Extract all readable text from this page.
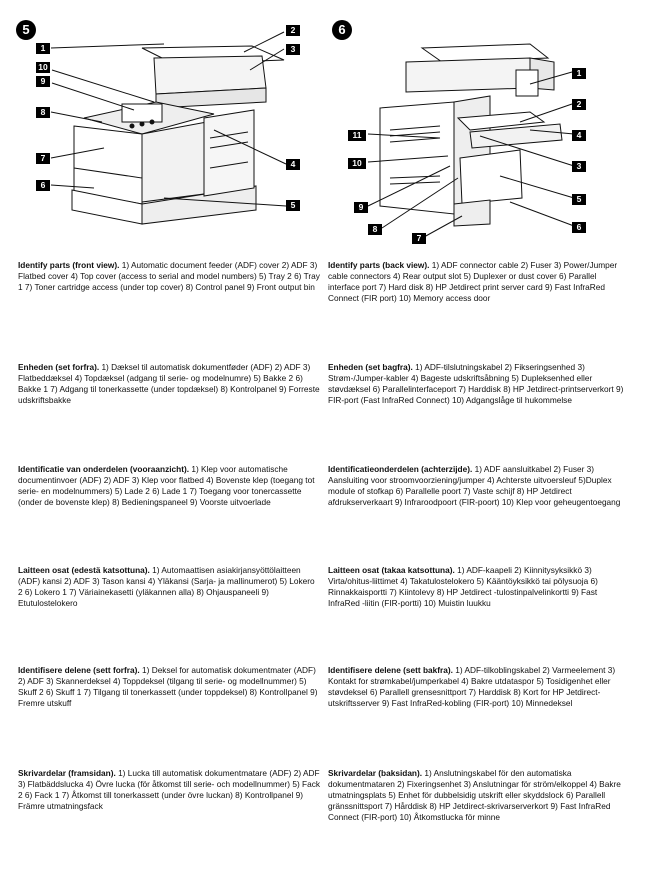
5
1
2
3
10
9
8
7
6
4
5
6
1
2
4
3
11
10
5
9
6
8
7

Identify parts (front view). 1) Automatic document feeder (ADF) cover 2) ADF 3) Flatbed cover 4) Top cover (access to serial and model numbers) 5) Tray 2 6) Tray 1 7) Toner cartridge access (under top cover) 8) Control panel 9) Front output bin

Identify parts (back view). 1) ADF connector cable 2) Fuser 3) Power/Jumper cable connectors 4) Rear output slot 5) Duplexer or dust cover 6) Parallel interface port 7) Hard disk 8) HP Jetdirect print server card 9) Fast InfraRed Connect (FIR port) 10) Memory access door

Enheden (set forfra). 1) Dæksel til automatisk dokumentføder (ADF) 2) ADF 3) Flatbeddæksel 4) Topdæksel (adgang til serie- og modelnumre) 5) Bakke 2 6) Bakke 1 7) Adgang til tonerkassette (under topdæksel) 8) Kontrolpanel 9) Forreste udskriftsbakke

Enheden (set bagfra). 1) ADF-tilslutningskabel 2) Fikseringsenhed 3) Strøm-/Jumper-kabler 4) Bageste udskriftsåbning 5) Dupleksenhed eller støvdæksel 6) Parallelinterfaceport 7) Harddisk 8) HP Jetdirect-printserverkort 9) FIR-port (Fast InfraRed Connect) 10) Adgangslåge til hukommelse

Identificatie van onderdelen (vooraanzicht). 1) Klep voor automatische documentinvoer (ADF) 2) ADF 3) Klep voor flatbed 4) Bovenste klep (toegang tot serie- en modelnummers) 5) Lade 2 6) Lade 1 7) Toegang voor tonercassette (onder de bovenste klep) 8) Bedieningspaneel 9) Voorste uitvoerlade

Identificatieonderdelen (achterzijde). 1) ADF aansluitkabel 2) Fuser 3) Aansluiting voor stroomvoorziening/jumper 4) Achterste uitvoersleuf 5)Duplex module of stofkap 6) Parallelle poort 7) Vaste schijf 8) HP Jetdirect afdrukserverkaart 9) Infraroodpoort (FIR-poort) 10) Klep voor geheugentoegang

Laitteen osat (edestä katsottuna). 1) Automaattisen asiakirjansyöttölaitteen (ADF) kansi 2) ADF 3) Tason kansi 4) Yläkansi (Sarja- ja mallinumerot) 5) Lokero 2 6) Lokero 1 7) Väriainekasetti (yläkannen alla) 8) Ohjauspaneeli 9) Etutulostelokero

Laitteen osat (takaa katsottuna). 1) ADF-kaapeli 2) Kiinnitysyksikkö 3) Virta/ohitus-liittimet 4) Takatulostelokero 5) Kääntöyksikkö tai pölysuoja 6) Rinnakkaisportti 7) Kiintolevy 8) HP Jetdirect -tulostinpalvelinkortti 9) Fast InfraRed -liitin (FIR-portti) 10) Muistin luukku

Identifisere delene (sett forfra). 1) Deksel for automatisk dokumentmater (ADF) 2) ADF 3) Skannerdeksel 4) Toppdeksel (tilgang til serie- og modellnummer) 5) Skuff 2 6) Skuff 1 7) Tilgang til tonerkassett (under toppdeksel) 8) Kontrollpanel 9) Fremre utskuff

Identifisere delene (sett bakfra). 1) ADF-tilkoblingskabel 2) Varmeelement 3) Kontakt for strømkabel/jumperkabel 4) Bakre utdataspor 5) Tosidigenhet eller støvdeksel 6) Parallell grensesnittport 7) Harddisk 8) Kort for HP Jetdirect-utskriftsserver 9) Fast InfraRed-kobling (FIR-port) 10) Minnedeksel

Skrivardelar (framsidan). 1) Lucka till automatisk dokumentmatare (ADF) 2) ADF 3) Flatbäddslucka 4) Övre lucka (för åtkomst till serie- och modellnummer) 5) Fack 2 6) Fack 1 7) Åtkomst till tonerkassett (under övre luckan) 8) Kontrollpanel 9) Främre utmatningsfack

Skrivardelar (baksidan). 1) Anslutningskabel för den automatiska dokumentmataren 2) Fixeringsenhet 3) Anslutningar för ström/elkoppel 4) Bakre utmatningsplats 5) Enhet för dubbelsidig utskrift eller skyddslock 6) Parallell gränssnittsport 7) Hårddisk 8) HP Jetdirect-skrivarserverkort 9) Fast InfraRed Connect (FIR-port) 10) Åtkomstlucka för minne
